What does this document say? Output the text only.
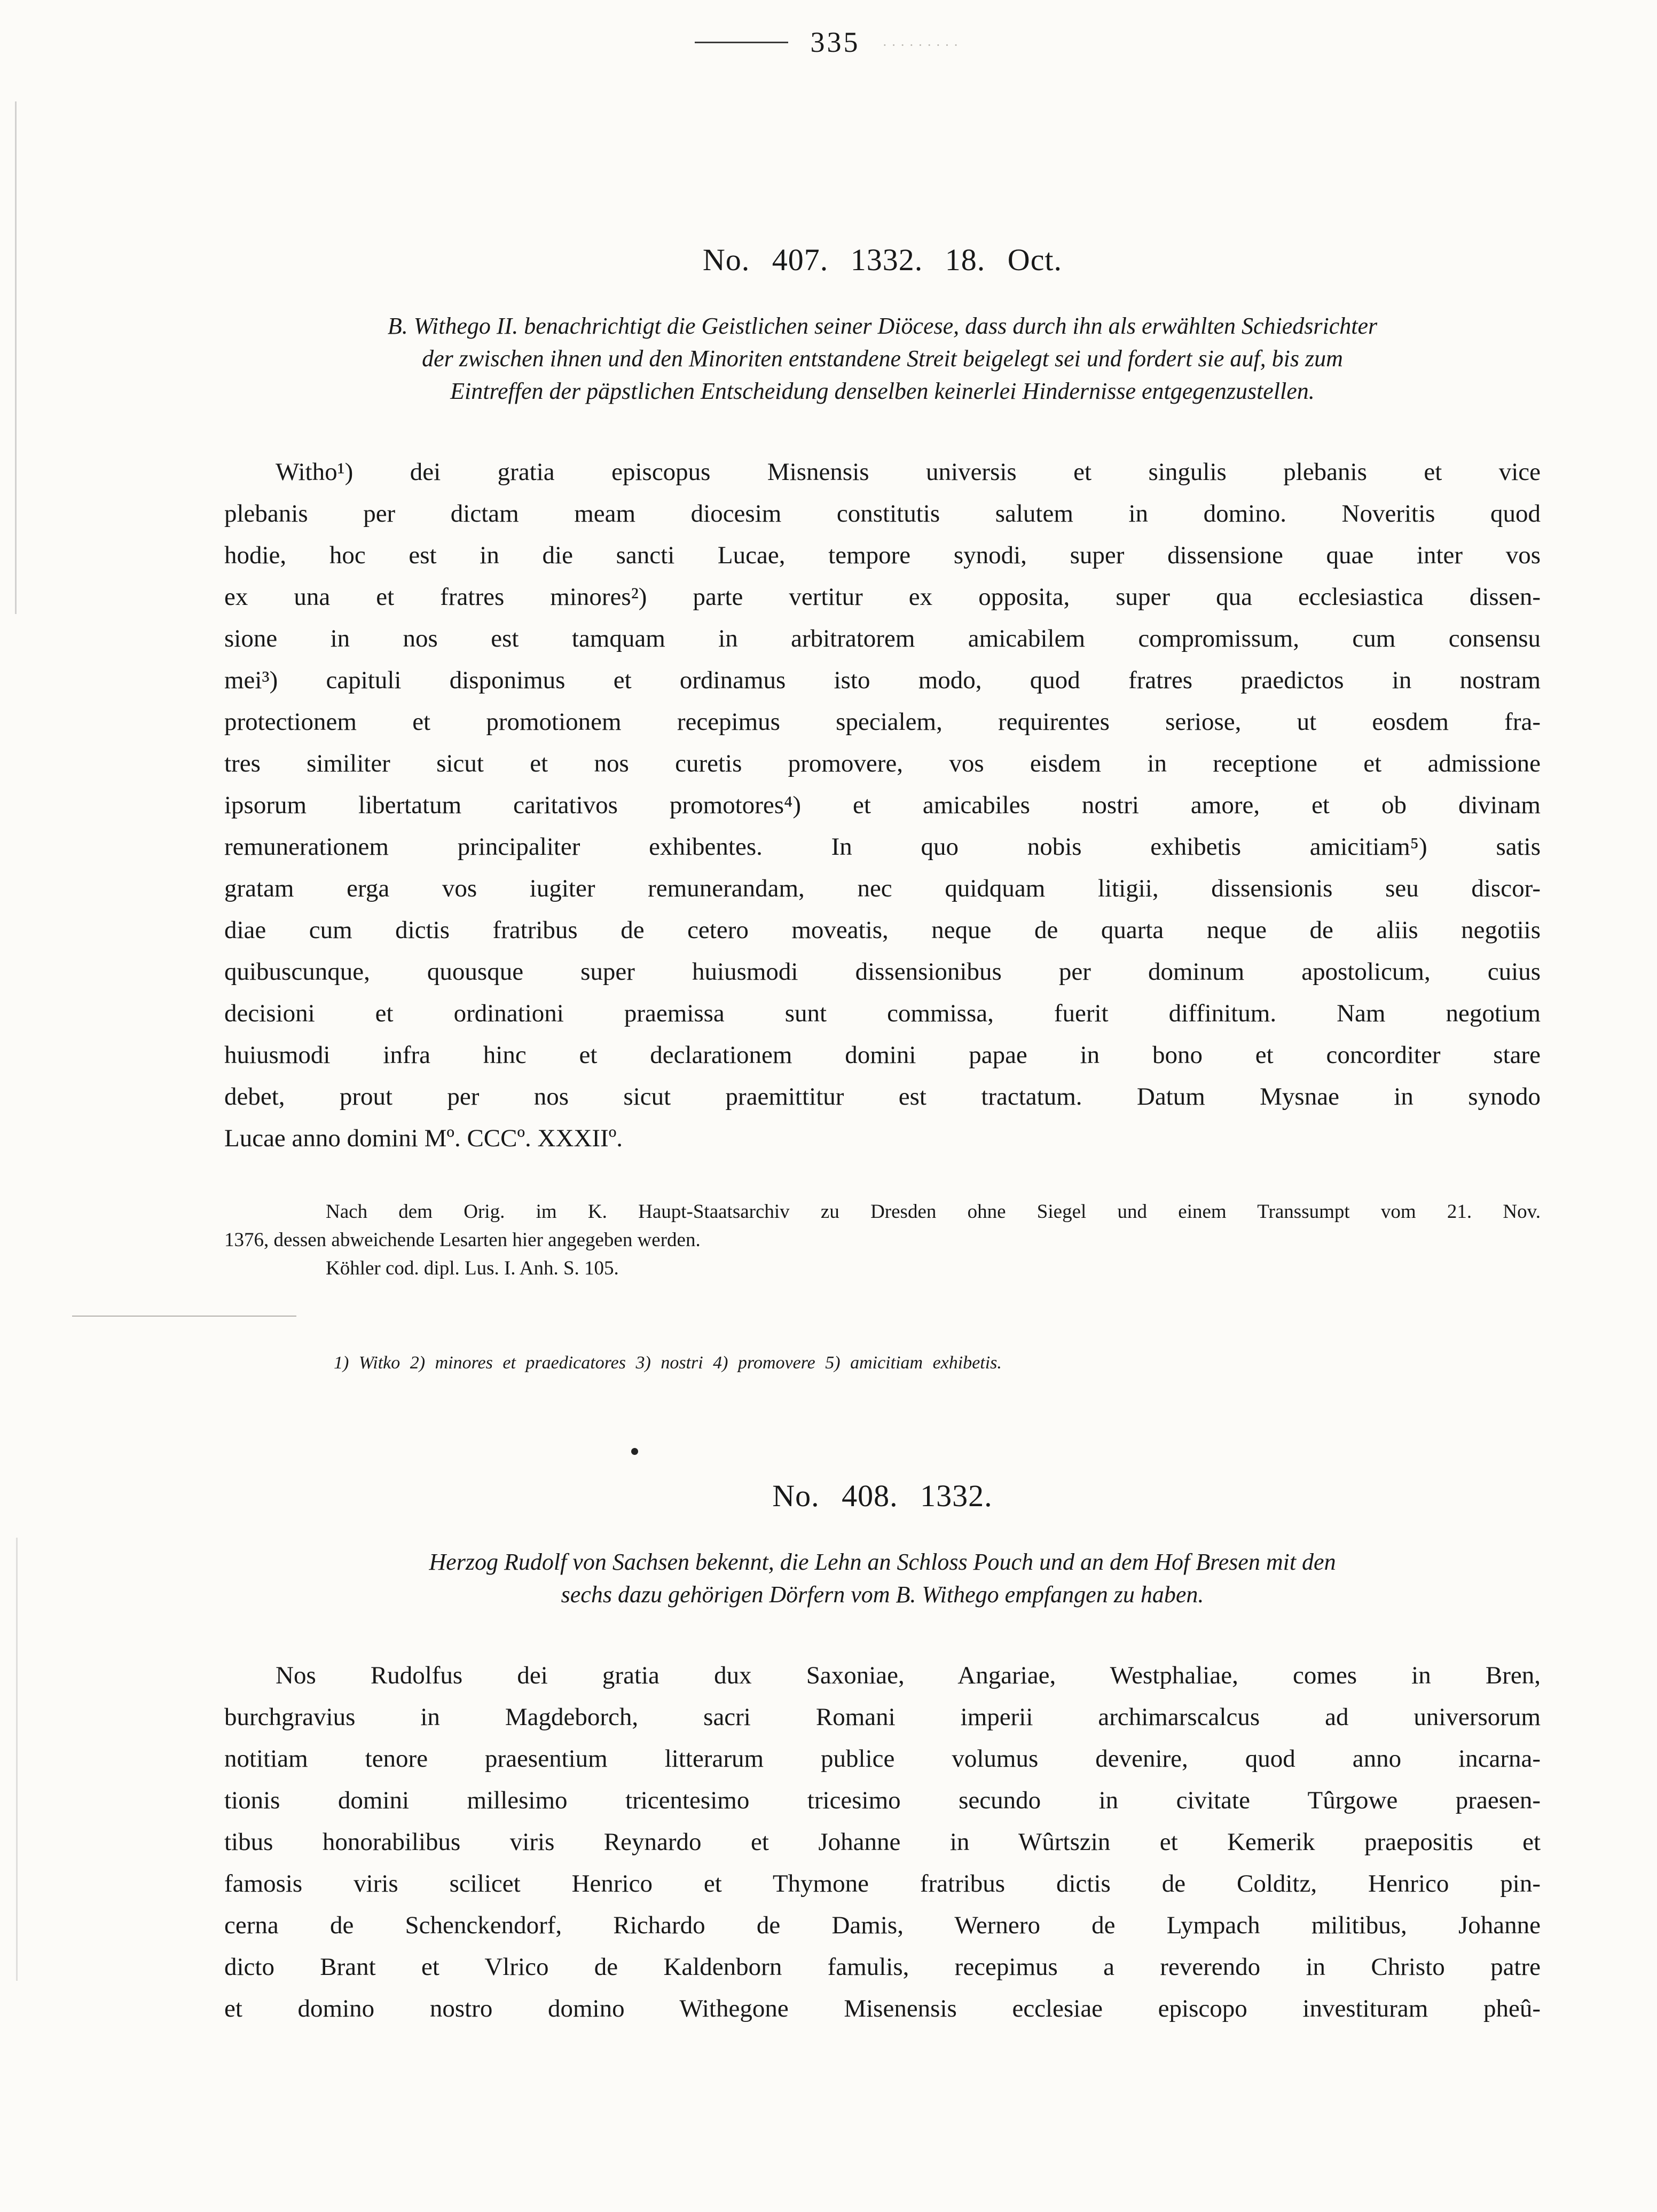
335 ·········
No. 407. 1332. 18. Oct.
B. Withego II. benachrichtigt die Geistlichen seiner Diöcese, dass durch ihn als erwählten Schiedsrichter
der zwischen ihnen und den Minoriten entstandene Streit beigelegt sei und fordert sie auf, bis zum
Eintreffen der päpstlichen Entscheidung denselben keinerlei Hindernisse entgegenzustellen.
Witho¹) dei gratia episcopus Misnensis universis et singulis plebanis et vice
plebanis per dictam meam diocesim constitutis salutem in domino. Noveritis quod
hodie, hoc est in die sancti Lucae, tempore synodi, super dissensione quae inter vos
ex una et fratres minores²) parte vertitur ex opposita, super qua ecclesiastica dissen-
sione in nos est tamquam in arbitratorem amicabilem compromissum, cum consensu
mei³) capituli disponimus et ordinamus isto modo, quod fratres praedictos in nostram
protectionem et promotionem recepimus specialem, requirentes seriose, ut eosdem fra-
tres similiter sicut et nos curetis promovere, vos eisdem in receptione et admissione
ipsorum libertatum caritativos promotores⁴) et amicabiles nostri amore, et ob divinam
remunerationem principaliter exhibentes. In quo nobis exhibetis amicitiam⁵) satis
gratam erga vos iugiter remunerandam, nec quidquam litigii, dissensionis seu discor-
diae cum dictis fratribus de cetero moveatis, neque de quarta neque de aliis negotiis
quibuscunque, quousque super huiusmodi dissensionibus per dominum apostolicum, cuius
decisioni et ordinationi praemissa sunt commissa, fuerit diffinitum. Nam negotium
huiusmodi infra hinc et declarationem domini papae in bono et concorditer stare
debet, prout per nos sicut praemittitur est tractatum. Datum Mysnae in synodo
Lucae anno domini Mº. CCCº. XXXIIº.
Nach dem Orig. im K. Haupt-Staatsarchiv zu Dresden ohne Siegel und einem Transsumpt vom 21. Nov.
1376, dessen abweichende Lesarten hier angegeben werden.
Köhler cod. dipl. Lus. I. Anh. S. 105.
1) Witko 2) minores et praedicatores 3) nostri 4) promovere 5) amicitiam exhibetis.
No. 408. 1332.
Herzog Rudolf von Sachsen bekennt, die Lehn an Schloss Pouch und an dem Hof Bresen mit den
sechs dazu gehörigen Dörfern vom B. Withego empfangen zu haben.
Nos Rudolfus dei gratia dux Saxoniae, Angariae, Westphaliae, comes in Bren,
burchgravius in Magdeborch, sacri Romani imperii archimarscalcus ad universorum
notitiam tenore praesentium litterarum publice volumus devenire, quod anno incarna-
tionis domini millesimo tricentesimo tricesimo secundo in civitate Tûrgowe praesen-
tibus honorabilibus viris Reynardo et Johanne in Wûrtszin et Kemerik praepositis et
famosis viris scilicet Henrico et Thymone fratribus dictis de Colditz, Henrico pin-
cerna de Schenckendorf, Richardo de Damis, Wernero de Lympach militibus, Johanne
dicto Brant et Vlrico de Kaldenborn famulis, recepimus a reverendo in Christo patre
et domino nostro domino Withegone Misenensis ecclesiae episcopo investituram pheû-
